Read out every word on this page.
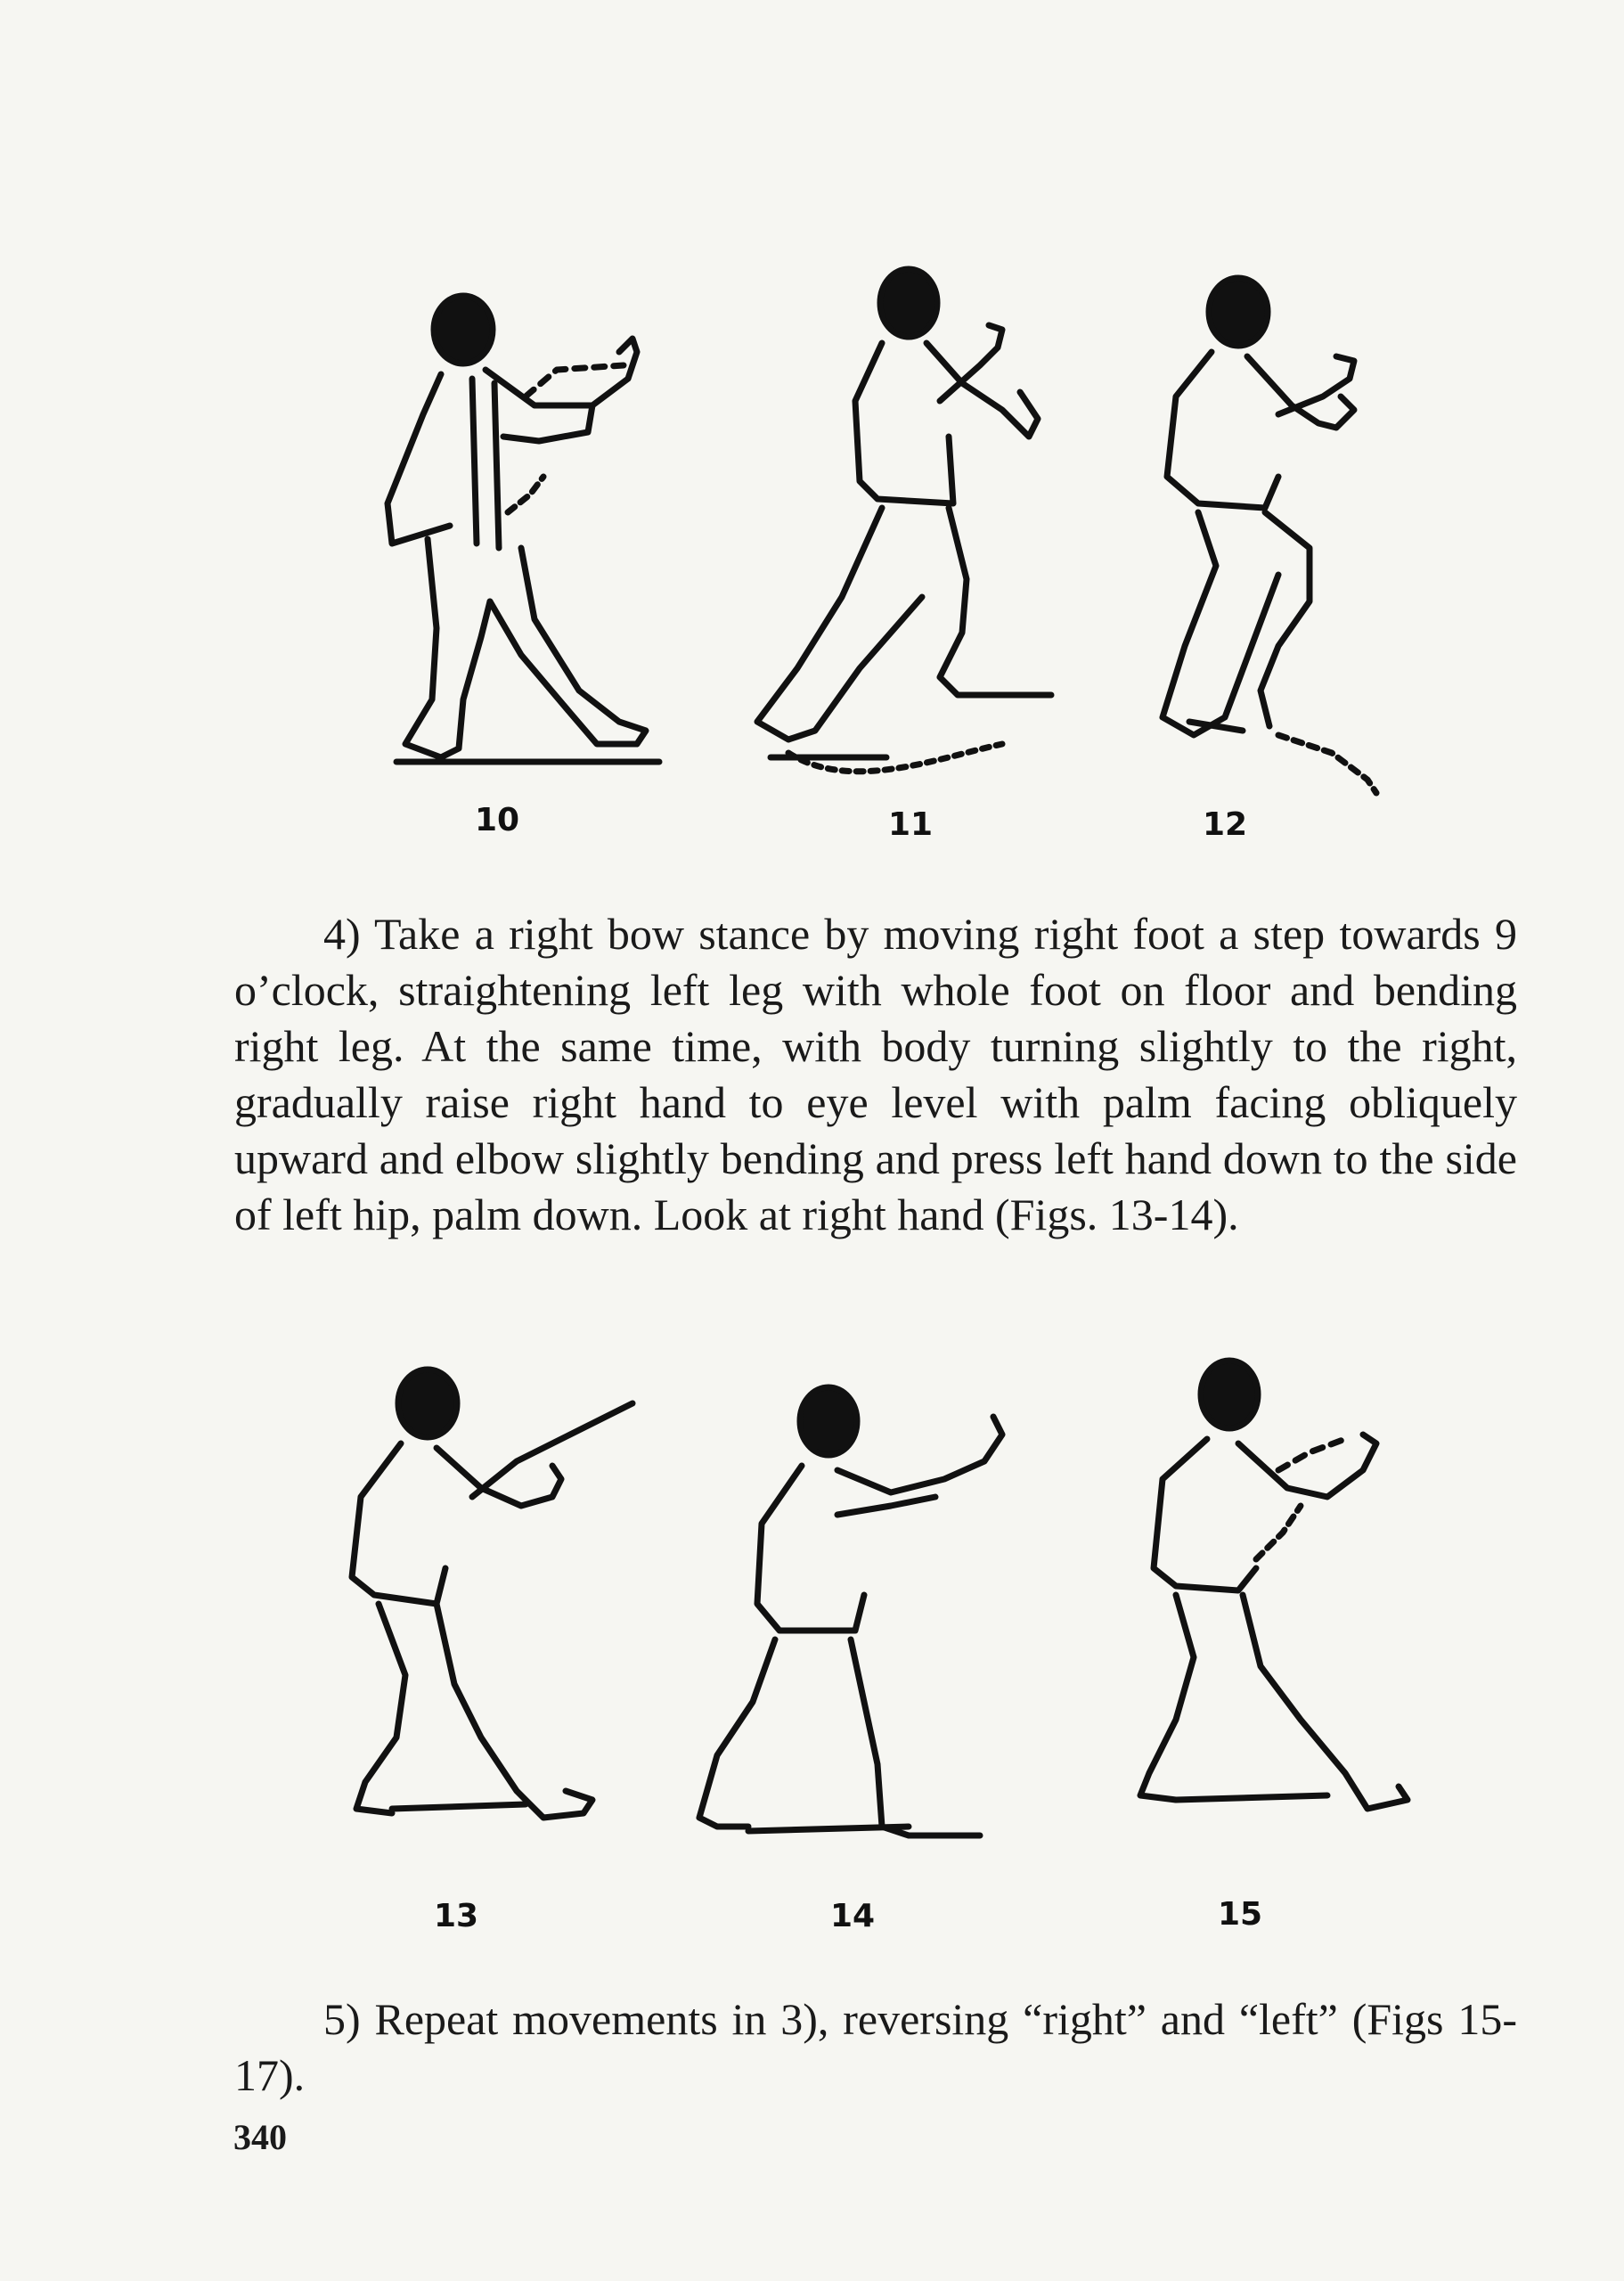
10	11	12

4) Take a right bow stance by moving right foot a step towards 9 o’clock, straightening left leg with whole foot on floor and bending right leg. At the same time, with body turning slightly to the right, gradually raise right hand to eye level with palm facing obliquely upward and elbow slightly bending and press left hand down to the side of left hip, palm down. Look at right hand (Figs. 13-14).

13	14	15

5) Repeat movements in 3), reversing “right” and “left” (Figs 15-17).

340
